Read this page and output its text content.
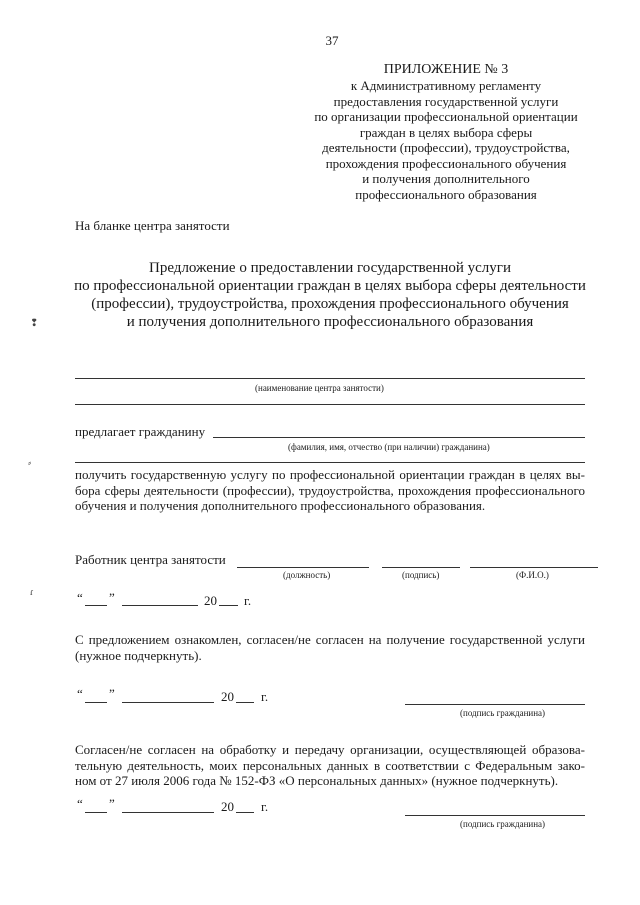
37
ПРИЛОЖЕНИЕ № 3
к Административному регламенту
предоставления государственной услуги
по организации профессиональной ориентации
граждан в целях выбора сферы
деятельности (профессии), трудоустройства,
прохождения профессионального обучения
и получения дополнительного
профессионального образования
На бланке центра занятости
Предложение о предоставлении государственной услуги
по профессиональной ориентации граждан в целях выбора сферы деятельности
(профессии), трудоустройства, прохождения профессионального обучения
и получения дополнительного профессионального образования
❢
⸗
ɾ
(наименование центра занятости)
предлагает гражданину
(фамилия, имя, отчество (при наличии) гражданина)
получить государственную услугу по профессиональной ориентации граждан в целях вы-
бора сферы деятельности (профессии), трудоустройства, прохождения профессионального
обучения и получения дополнительного профессионального образования.
Работник центра занятости
(должность)	(подпись)	(Ф.И.О.)
“ ”	20 г.
С предложением ознакомлен, согласен/не согласен на получение государственной услуги
(нужное подчеркнуть).
“ ”	20 г.
(подпись гражданина)
Согласен/не согласен на обработку и передачу организации, осуществляющей образова-
тельную деятельность, моих персональных данных в соответствии с Федеральным зако-
ном от 27 июля 2006 года № 152-ФЗ «О персональных данных» (нужное подчеркнуть).
“ ”	20 г.
(подпись гражданина)
